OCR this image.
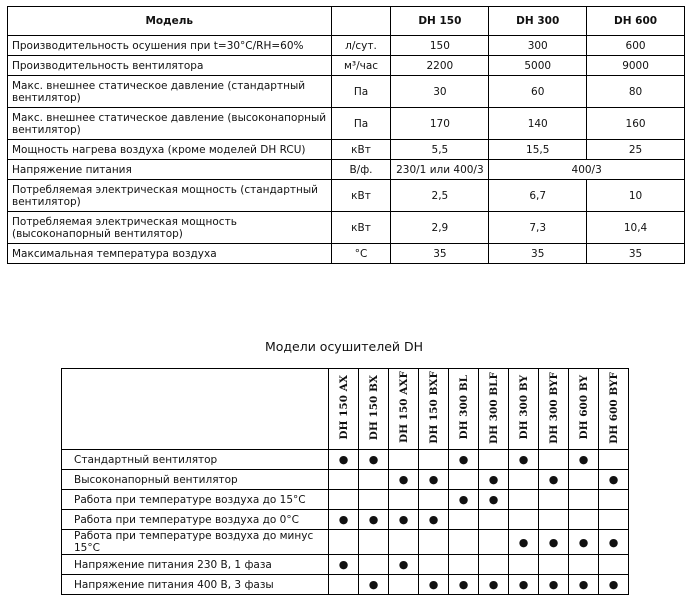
Модель		DH 150	DH 300	DH 600
Производительность осушения при t=30°C/RH=60%	л/сут.	150	300	600
Производительность вентилятора	м³/час	2200	5000	9000
Макс. внешнее статическое давление (стандартный вентилятор)	Па	30	60	80
Макс. внешнее статическое давление (высоконапорный вентилятор)	Па	170	140	160
Мощность нагрева воздуха (кроме моделей DH RCU)	кВт	5,5	15,5	25
Напряжение питания	В/ф.	230/1 или 400/3	400/3	
Потребляемая электрическая мощность (стандартный вентилятор)	кВт	2,5	6,7	10
Потребляемая электрическая мощность (высоконапорный вентилятор)	кВт	2,9	7,3	10,4
Максимальная температура воздуха	°C	35	35	35
Модели осушителей DH
	DH 150 AX	DH 150 BX	DH 150 AXF	DH 150 BXF	DH 300 BL	DH 300 BLF	DH 300 BY	DH 300 BYF	DH 600 BY	DH 600 BYF
Стандартный вентилятор	●	●			●		●		●	
Высоконапорный вентилятор			●	●		●		●		●
Работа при температуре воздуха до 15°C					●	●				
Работа при температуре воздуха до 0°C	●	●	●	●						
Работа при температуре воздуха до минус 15°C							●	●	●	●
Напряжение питания 230 В, 1 фаза	●		●							
Напряжение питания 400 В, 3 фазы		●		●	●	●	●	●	●	●
